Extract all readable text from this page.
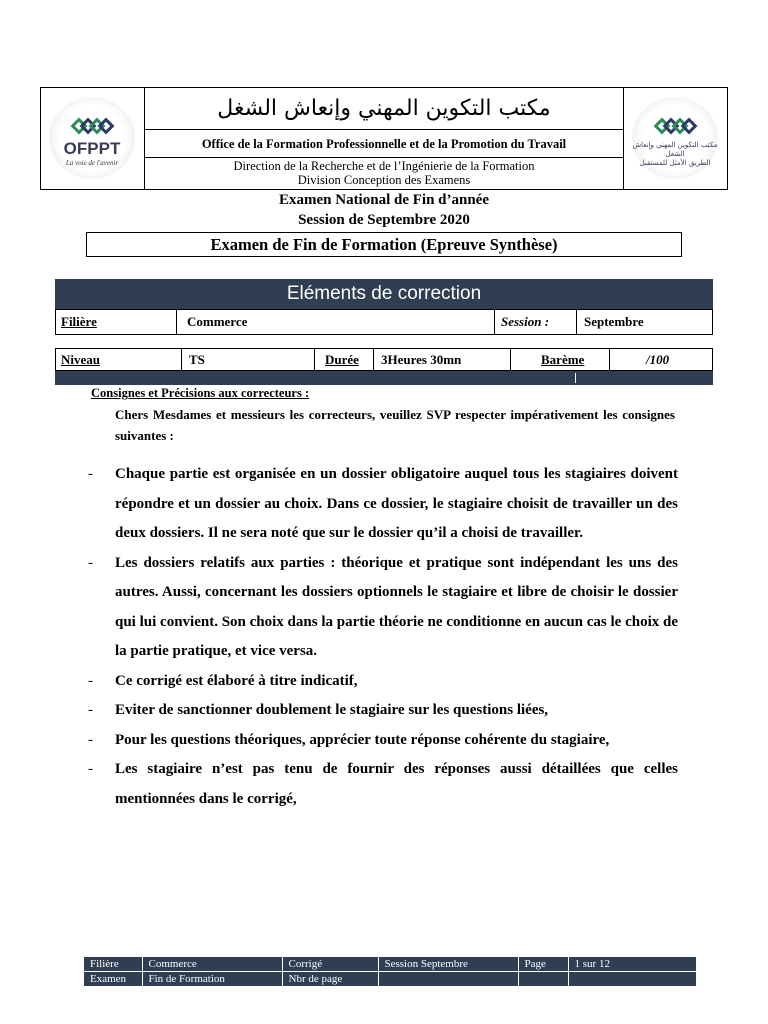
OFPPT
La voie de l'avenir
مكتب التكوين المهني وإنعاش الشغل
Office de la Formation Professionnelle et de la Promotion du Travail
Direction de la Recherche et de l’Ingénierie de la Formation
Division Conception des Examens
مكتب التكوين المهني وإنعاش الشغل
الطريق الأمثل للمستقبل
Examen National de Fin d’année
Session de Septembre 2020
Examen de Fin de Formation (Epreuve Synthèse)
Eléments de correction
Filière	Commerce	Session :	Septembre
Niveau	TS	Durée	3Heures 30mn	Barème	/100
Consignes et Précisions aux correcteurs :
Chers Mesdames et messieurs les correcteurs, veuillez SVP respecter impérativement les consignes suivantes :
- Chaque partie est organisée en un dossier obligatoire auquel tous les stagiaires doivent répondre et un dossier au choix. Dans ce dossier, le stagiaire choisit de travailler un des deux dossiers. Il ne sera noté que sur le dossier qu’il a choisi de travailler.
- Les dossiers relatifs aux parties : théorique et pratique sont indépendant les uns des autres. Aussi, concernant les dossiers optionnels le stagiaire et libre de choisir le dossier qui lui convient. Son choix dans la partie théorie ne conditionne en aucun cas le choix de la partie pratique, et vice versa.
- Ce corrigé est élaboré à titre indicatif,
- Eviter de sanctionner doublement le stagiaire sur les questions liées,
- Pour les questions théoriques, apprécier toute réponse cohérente du stagiaire,
- Les stagiaire n’est pas tenu de fournir des réponses aussi détaillées que celles mentionnées dans le corrigé,
Filière	Commerce	Corrigé	Session Septembre	Page	1 sur 12
Examen	Fin de Formation	Nbr de page			
